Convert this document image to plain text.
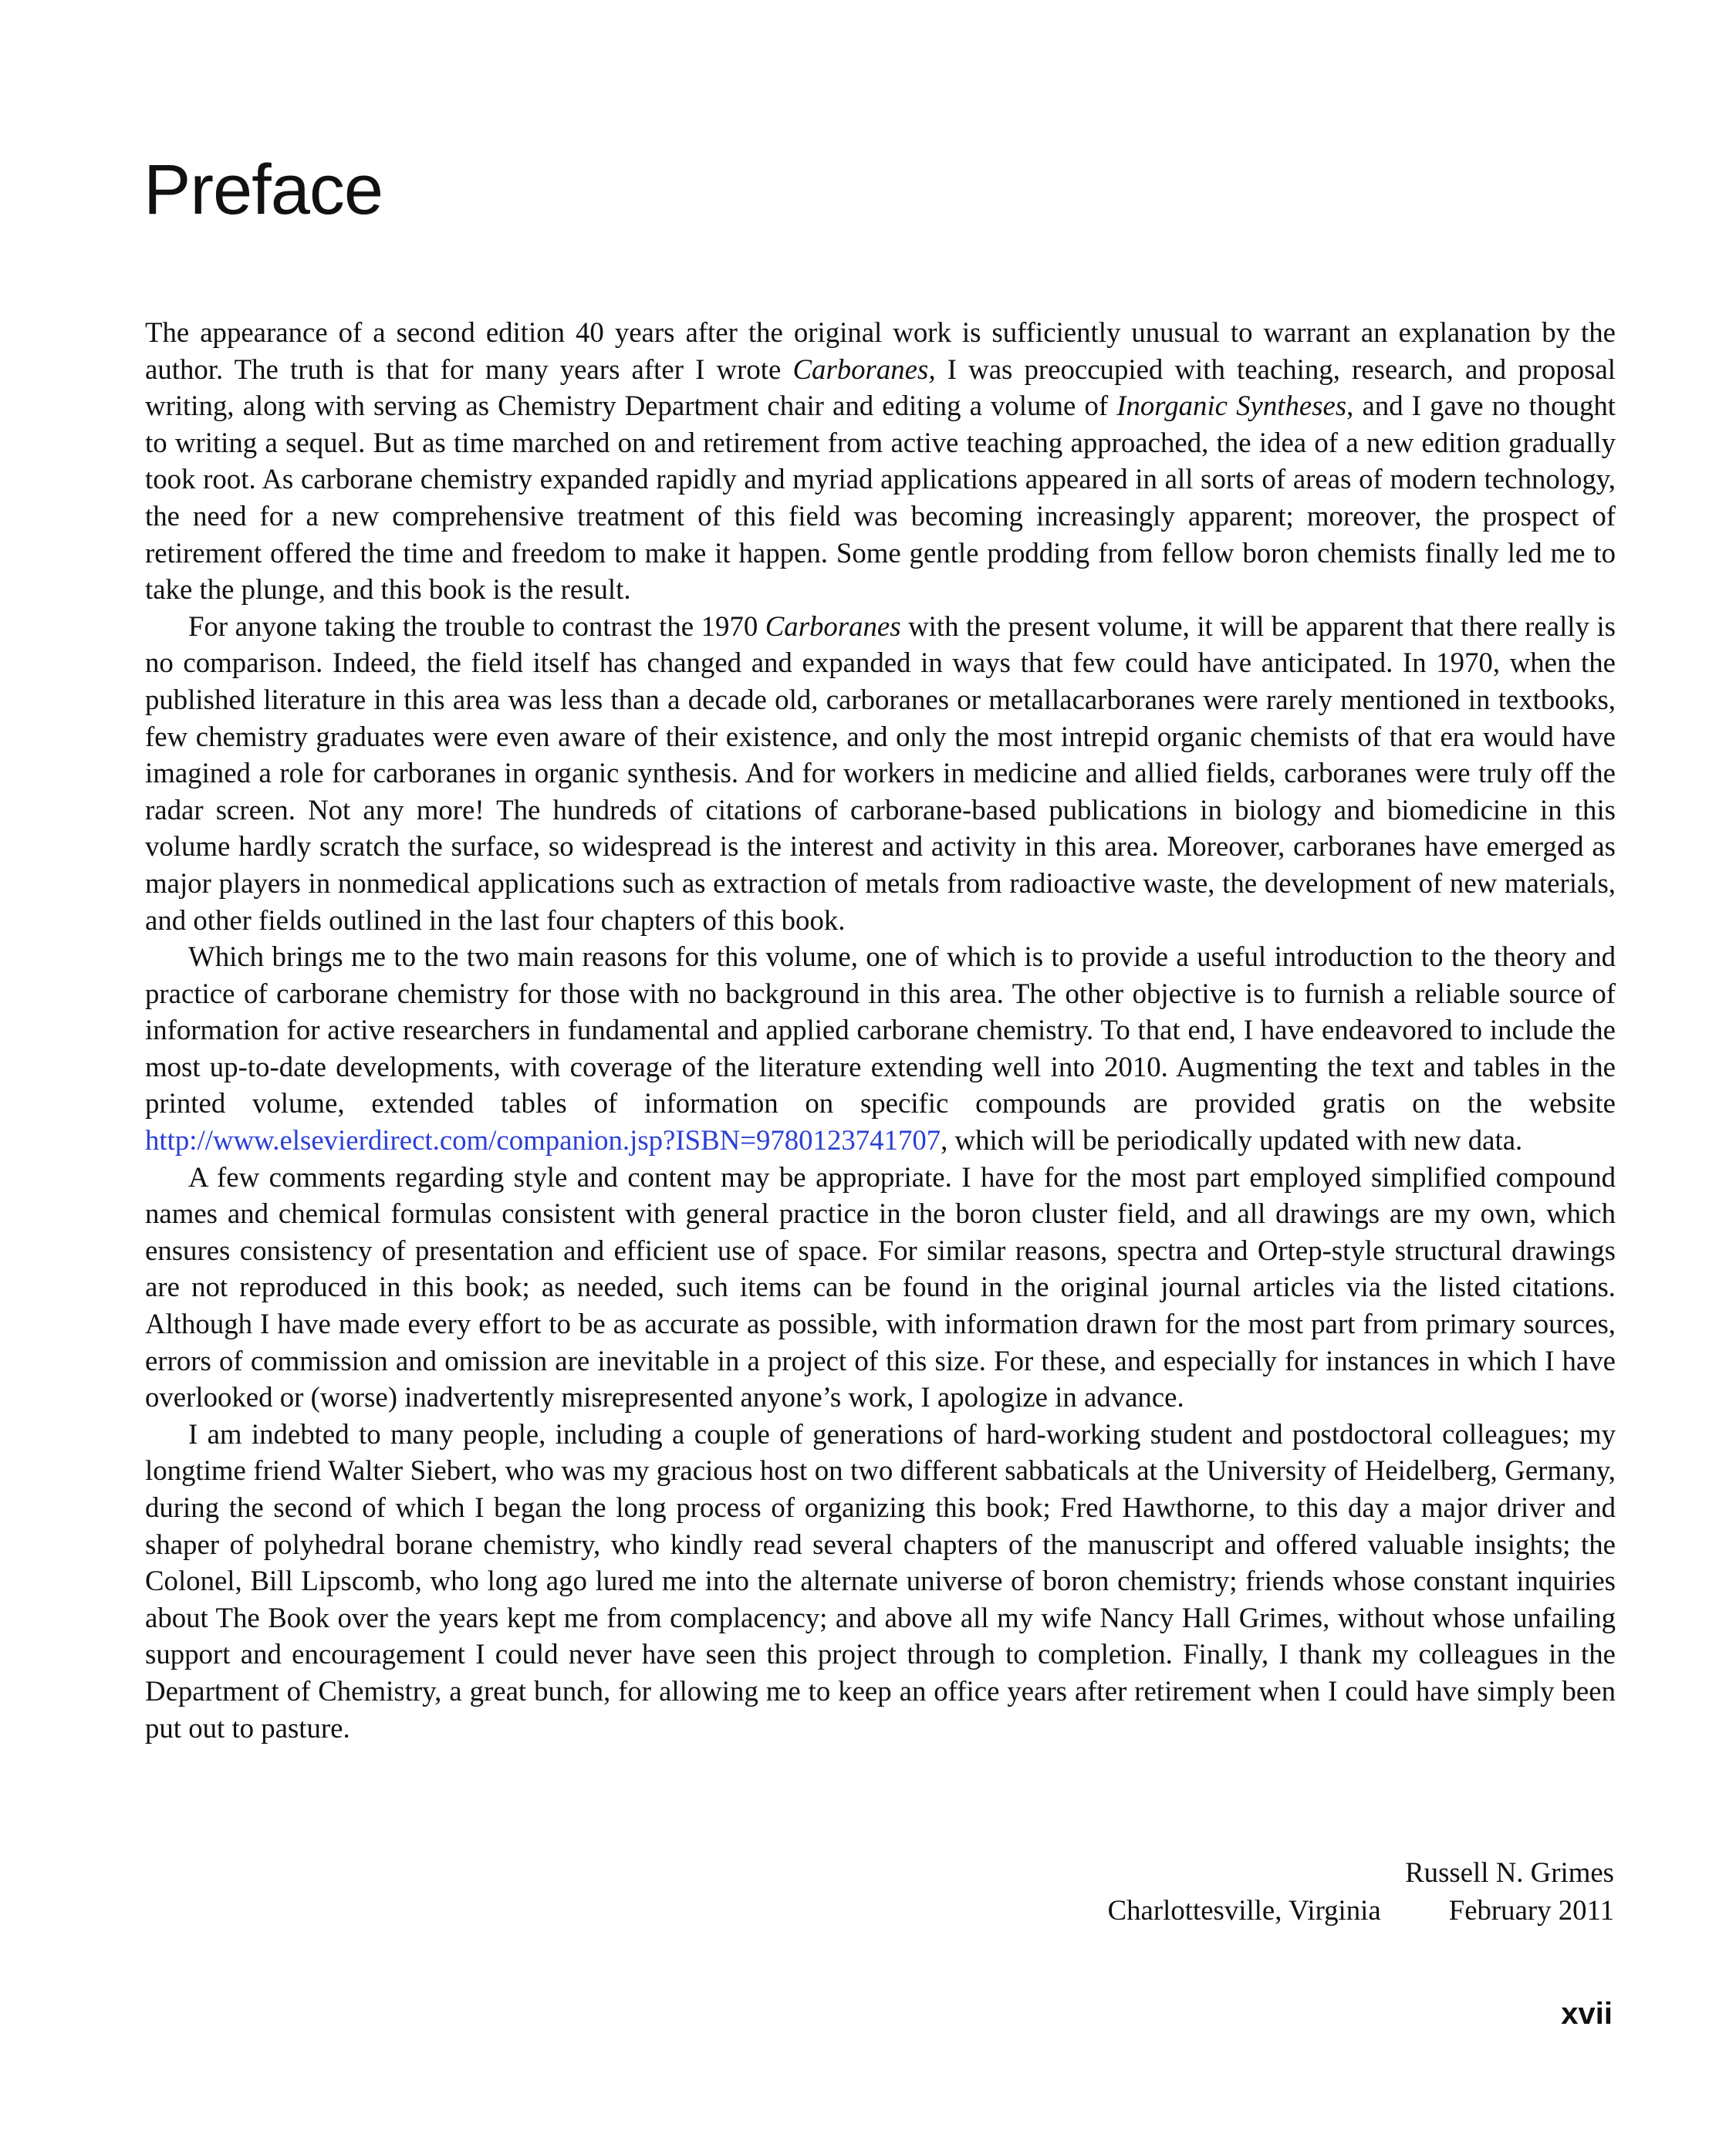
Preface

The appearance of a second edition 40 years after the original work is sufficiently unusual to warrant an explanation by the author. The truth is that for many years after I wrote Carboranes, I was preoccupied with teaching, research, and proposal writing, along with serving as Chemistry Department chair and editing a volume of Inorganic Syntheses, and I gave no thought to writing a sequel. But as time marched on and retirement from active teaching approached, the idea of a new edition gradually took root. As carborane chemistry expanded rapidly and myriad applications appeared in all sorts of areas of modern technology, the need for a new comprehensive treatment of this field was becoming increasingly apparent; moreover, the prospect of retirement offered the time and freedom to make it happen. Some gentle prodding from fellow boron chemists finally led me to take the plunge, and this book is the result.

For anyone taking the trouble to contrast the 1970 Carboranes with the present volume, it will be apparent that there really is no comparison. Indeed, the field itself has changed and expanded in ways that few could have anticipated. In 1970, when the published literature in this area was less than a decade old, carboranes or metallacarboranes were rarely mentioned in textbooks, few chemistry graduates were even aware of their existence, and only the most intrepid organic chemists of that era would have imagined a role for carboranes in organic synthesis. And for workers in medicine and allied fields, carboranes were truly off the radar screen. Not any more! The hundreds of citations of carborane-based publications in biology and biomedicine in this volume hardly scratch the surface, so widespread is the interest and activity in this area. Moreover, carboranes have emerged as major players in nonmedical applications such as extraction of metals from radioactive waste, the development of new materials, and other fields outlined in the last four chapters of this book.

Which brings me to the two main reasons for this volume, one of which is to provide a useful introduction to the theory and practice of carborane chemistry for those with no background in this area. The other objective is to furnish a reliable source of information for active researchers in fundamental and applied carborane chemistry. To that end, I have endeavored to include the most up-to-date developments, with coverage of the literature extending well into 2010. Augmenting the text and tables in the printed volume, extended tables of information on specific compounds are provided gratis on the website http://www.elsevierdirect.com/companion.jsp?ISBN=9780123741707, which will be periodically updated with new data.

A few comments regarding style and content may be appropriate. I have for the most part employed simplified compound names and chemical formulas consistent with general practice in the boron cluster field, and all drawings are my own, which ensures consistency of presentation and efficient use of space. For similar reasons, spectra and Ortep-style structural drawings are not reproduced in this book; as needed, such items can be found in the original journal articles via the listed citations. Although I have made every effort to be as accurate as possible, with information drawn for the most part from primary sources, errors of commission and omission are inevitable in a project of this size. For these, and especially for instances in which I have overlooked or (worse) inadvertently misrepresented anyone’s work, I apologize in advance.

I am indebted to many people, including a couple of generations of hard-working student and postdoctoral colleagues; my longtime friend Walter Siebert, who was my gracious host on two different sabbaticals at the University of Heidelberg, Germany, during the second of which I began the long process of organizing this book; Fred Hawthorne, to this day a major driver and shaper of polyhedral borane chemistry, who kindly read several chapters of the manuscript and offered valuable insights; the Colonel, Bill Lipscomb, who long ago lured me into the alternate universe of boron chemistry; friends whose constant inquiries about The Book over the years kept me from complacency; and above all my wife Nancy Hall Grimes, without whose unfailing support and encouragement I could never have seen this project through to completion. Finally, I thank my colleagues in the Department of Chemistry, a great bunch, for allowing me to keep an office years after retirement when I could have simply been put out to pasture.

Russell N. Grimes
Charlottesville, Virginia February 2011
xvii
